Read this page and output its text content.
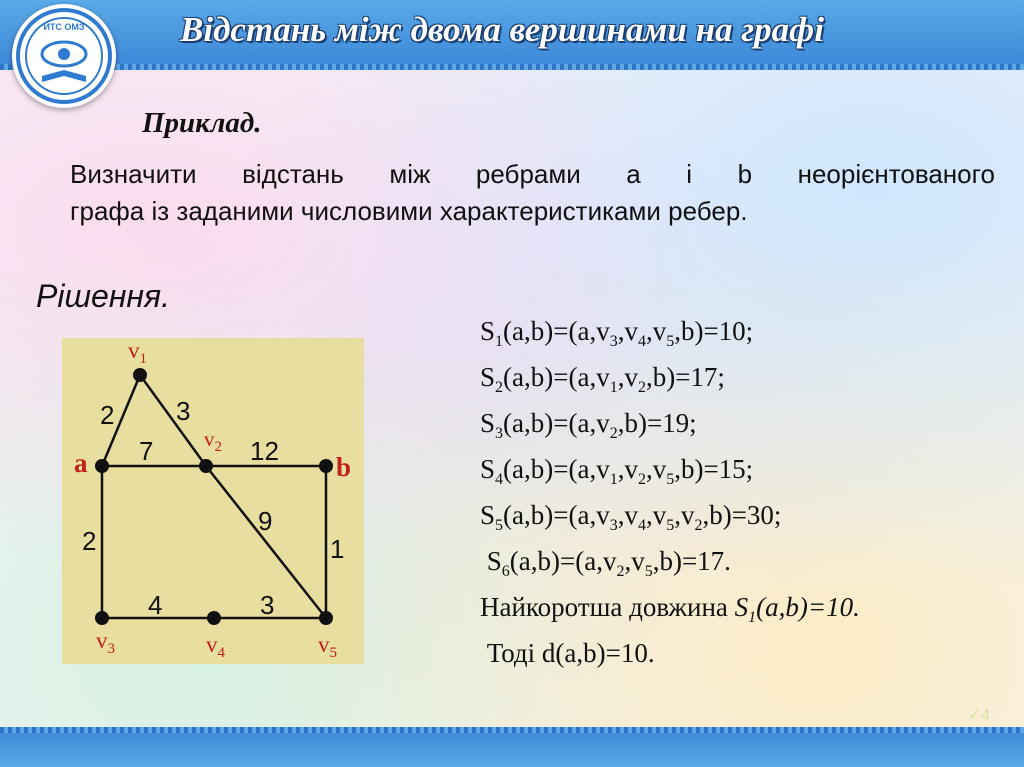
ИТС ОМЗ	Відстань між двома вершинами на графі
Приклад.

Визначити відстань між ребрами a і b неорієнтованого
графа із заданими числовими характеристиками ребер.

Рішення.
$v_1$
$v_2$
$v_3$	$v_4$	$v_5$
a	b
2 3
7	12
2
9
1
4	3
$S_1(a,b)=(a,v_3,v_4,v_5,b)=10$;
$S_2(a,b)=(a,v_1,v_2,b)=17$;
$S_3(a,b)=(a,v_2,b)=19$;
$S_4(a,b)=(a,v_1,v_2,v_5,b)=15$;
$S_5(a,b)=(a,v_3,v_4,v_5,v_2,b)=30$;
$S_6(a,b)=(a,v_2,v_5,b)=17$.
Найкоротша довжина $S_1(a,b)=10$.
Тоді d(a,b)=10.
✓4
